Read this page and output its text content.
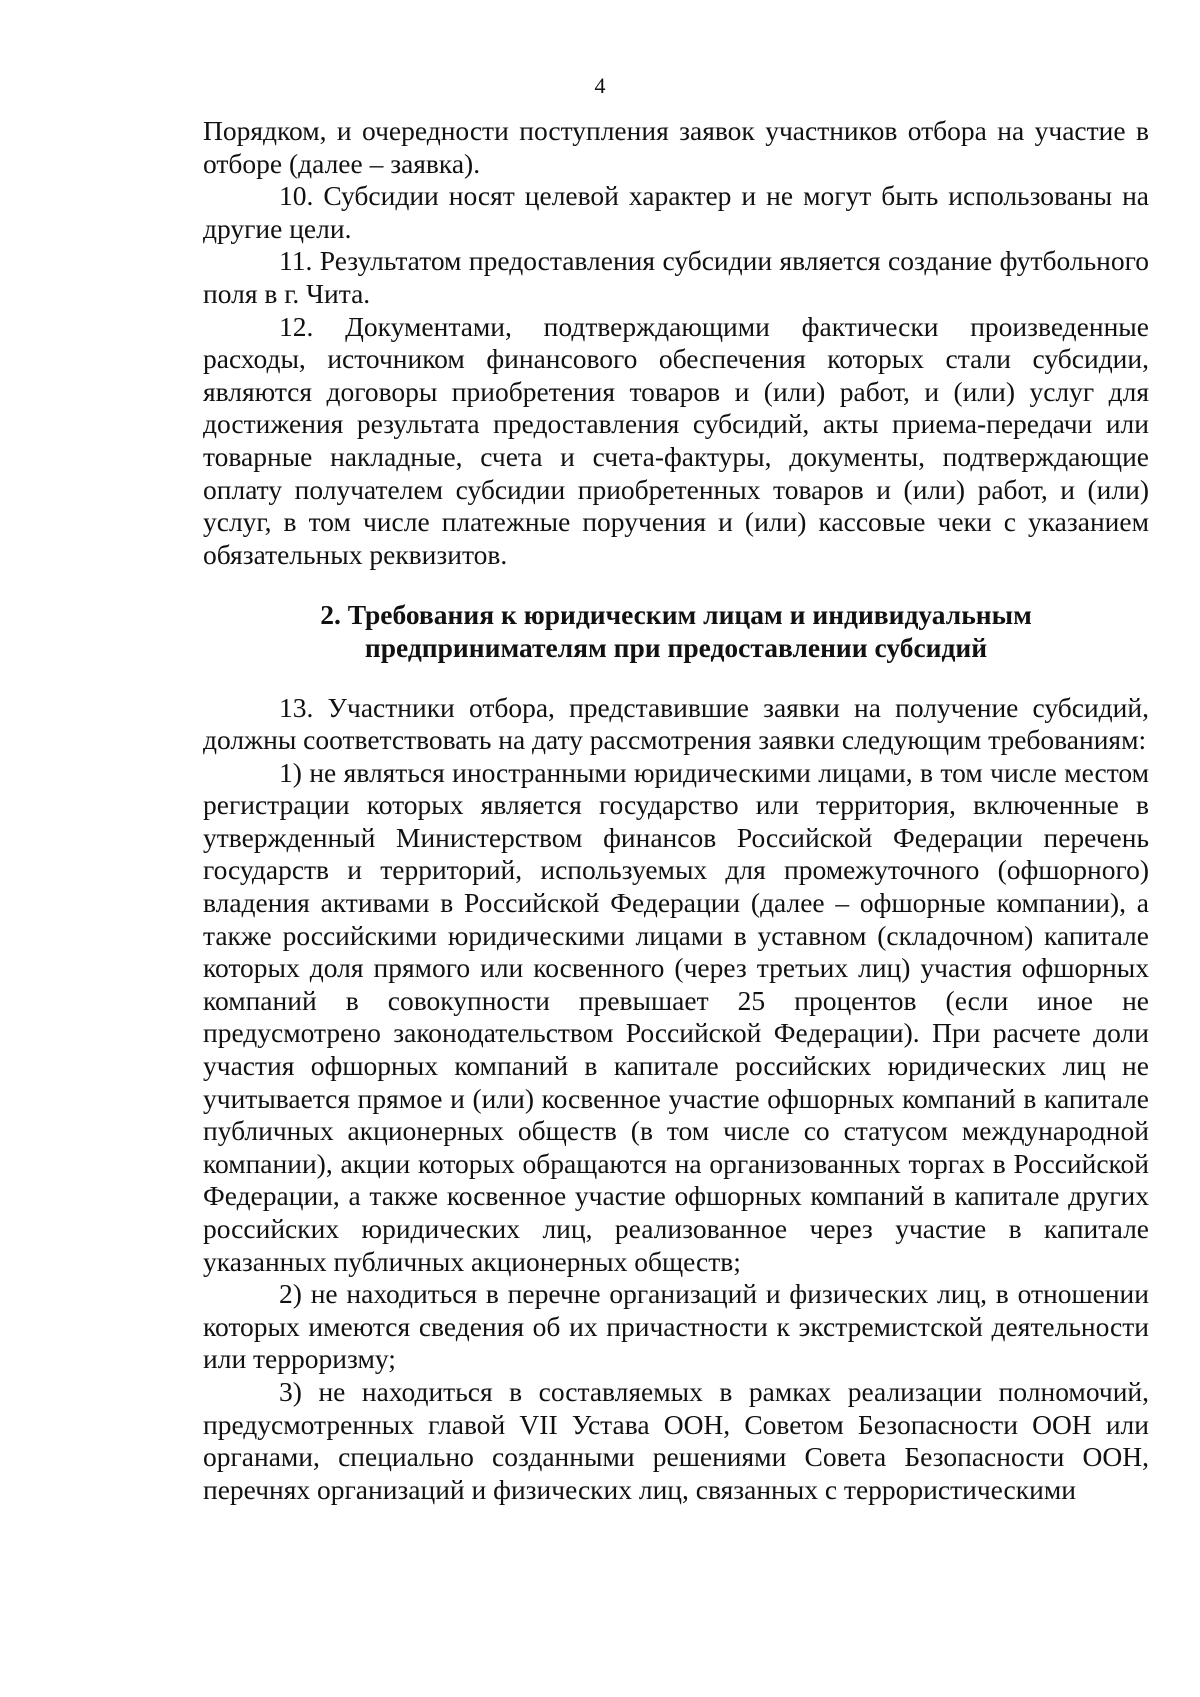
4

Порядком, и очередности поступления заявок участников отбора на участие в отборе (далее – заявка).

10. Субсидии носят целевой характер и не могут быть использованы на другие цели.

11. Результатом предоставления субсидии является создание футбольного поля в г. Чита.

12. Документами, подтверждающими фактически произведенные расходы, источником финансового обеспечения которых стали субсидии, являются договоры приобретения товаров и (или) работ, и (или) услуг для достижения результата предоставления субсидий, акты приема-передачи или товарные накладные, счета и счета-фактуры, документы, подтверждающие оплату получателем субсидии приобретенных товаров и (или) работ, и (или) услуг, в том числе платежные поручения и (или) кассовые чеки с указанием обязательных реквизитов.

2. Требования к юридическим лицам и индивидуальным
предпринимателям при предоставлении субсидий

13. Участники отбора, представившие заявки на получение субсидий, должны соответствовать на дату рассмотрения заявки следующим требованиям:

1) не являться иностранными юридическими лицами, в том числе местом регистрации которых является государство или территория, включенные в утвержденный Министерством финансов Российской Федерации перечень государств и территорий, используемых для промежуточного (офшорного) владения активами в Российской Федерации (далее – офшорные компании), а также российскими юридическими лицами в уставном (складочном) капитале которых доля прямого или косвенного (через третьих лиц) участия офшорных компаний в совокупности превышает 25 процентов (если иное не предусмотрено законодательством Российской Федерации). При расчете доли участия офшорных компаний в капитале российских юридических лиц не учитывается прямое и (или) косвенное участие офшорных компаний в капитале публичных акционерных обществ (в том числе со статусом международной компании), акции которых обращаются на организованных торгах в Российской Федерации, а также косвенное участие офшорных компаний в капитале других российских юридических лиц, реализованное через участие в капитале указанных публичных акционерных обществ;

2) не находиться в перечне организаций и физических лиц, в отношении которых имеются сведения об их причастности к экстремистской деятельности или терроризму;

3) не находиться в составляемых в рамках реализации полномочий, предусмотренных главой VII Устава ООН, Советом Безопасности ООН или органами, специально созданными решениями Совета Безопасности ООН, перечнях организаций и физических лиц, связанных с террористическими
